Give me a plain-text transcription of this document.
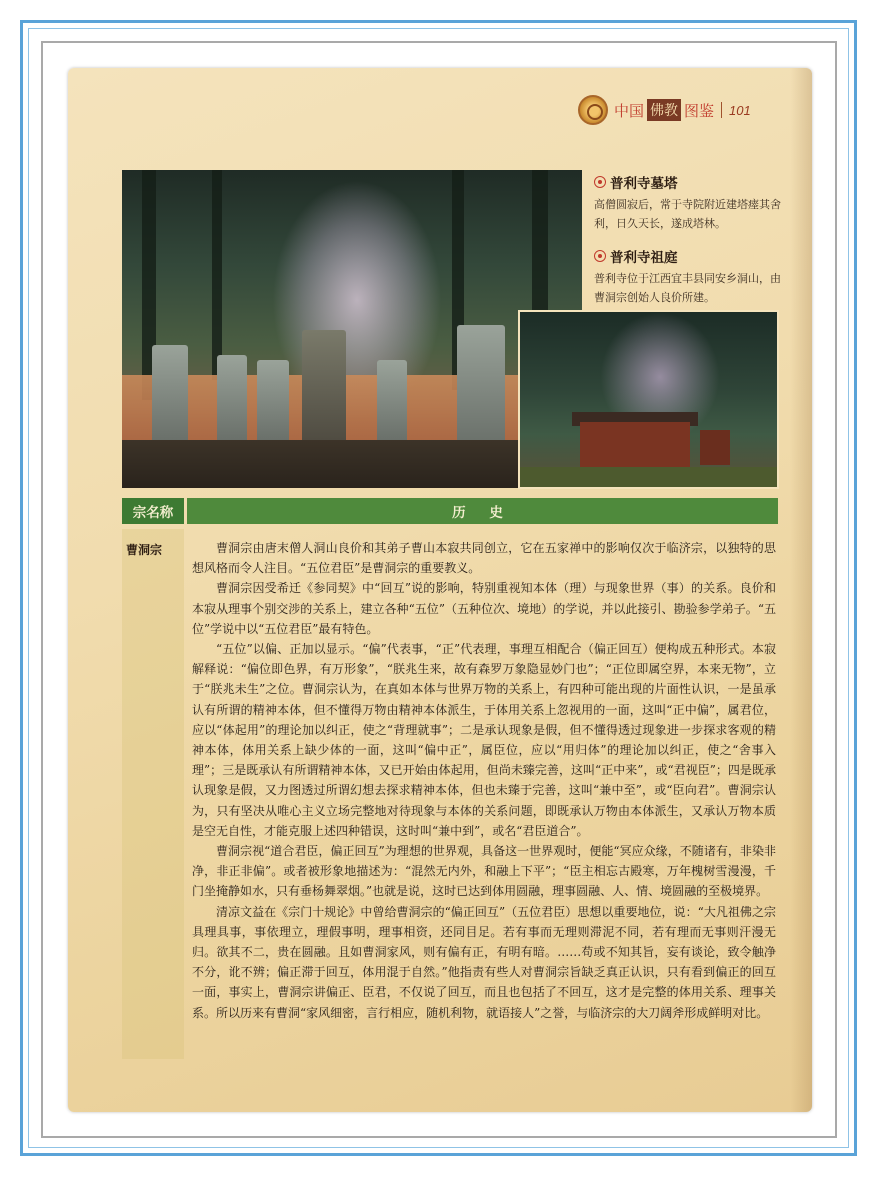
中国 佛教 图鉴 101
普利寺墓塔

高僧圆寂后，常于寺院附近建塔瘗其舍利，日久天长，遂成塔林。

普利寺祖庭

普利寺位于江西宜丰县同安乡洞山，由曹洞宗创始人良价所建。

宗名称	历 史
曹洞宗	曹洞宗由唐末僧人洞山良价和其弟子曹山本寂共同创立，它在五家禅中的影响仅次于临济宗，以独特的思想风格而令人注目。“五位君臣”是曹洞宗的重要教义。

曹洞宗因受希迁《参同契》中“回互”说的影响，特别重视知本体（理）与现象世界（事）的关系。良价和本寂从理事个别交涉的关系上，建立各种“五位”（五种位次、境地）的学说，并以此接引、勘验参学弟子。“五位”学说中以“五位君臣”最有特色。

“五位”以偏、正加以显示。“偏”代表事，“正”代表理，事理互相配合（偏正回互）便构成五种形式。本寂解释说：“偏位即色界，有万形象”，“朕兆生来，故有森罗万象隐显妙门也”；“正位即属空界，本来无物”，立于“朕兆未生”之位。曹洞宗认为，在真如本体与世界万物的关系上，有四种可能出现的片面性认识，一是虽承认有所谓的精神本体，但不懂得万物由精神本体派生，于体用关系上忽视用的一面，这叫“正中偏”，属君位，应以“体起用”的理论加以纠正，使之“背理就事”；二是承认现象是假，但不懂得透过现象进一步探求客观的精神本体，体用关系上缺少体的一面，这叫“偏中正”，属臣位，应以“用归体”的理论加以纠正，使之“舍事入理”；三是既承认有所谓精神本体，又已开始由体起用，但尚未臻完善，这叫“正中来”，或“君视臣”；四是既承认现象是假，又力图透过所谓幻想去探求精神本体，但也未臻于完善，这叫“兼中至”，或“臣向君”。曹洞宗认为，只有坚决从唯心主义立场完整地对待现象与本体的关系问题，即既承认万物由本体派生，又承认万物本质是空无自性，才能克服上述四种错误，这时叫“兼中到”，或名“君臣道合”。

曹洞宗视“道合君臣，偏正回互”为理想的世界观，具备这一世界观时，便能“冥应众缘，不随诸有，非染非净，非正非偏”。或者被形象地描述为：“混然无内外，和融上下平”；“臣主相忘古殿寒，万年槐树雪漫漫，千门坐掩静如水，只有垂杨舞翠烟。”也就是说，这时已达到体用圆融，理事圆融、人、情、境圆融的至极境界。

清凉文益在《宗门十规论》中曾给曹洞宗的“偏正回互”（五位君臣）思想以重要地位，说：“大凡祖佛之宗具理具事，事依理立，理假事明，理事相资，还同目足。若有事而无理则滞泥不同，若有理而无事则汗漫无归。欲其不二，贵在圆融。且如曹洞家风，则有偏有正，有明有暗。……苟或不知其旨，妄有谈论，致令触净不分，讹不辨；偏正滞于回互，体用混于自然。”他指责有些人对曹洞宗旨缺乏真正认识，只有看到偏正的回互一面，事实上，曹洞宗讲偏正、臣君，不仅说了回互，而且也包括了不回互，这才是完整的体用关系、理事关系。所以历来有曹洞“家风细密，言行相应，随机利物，就语接人”之誉，与临济宗的大刀阔斧形成鲜明对比。
